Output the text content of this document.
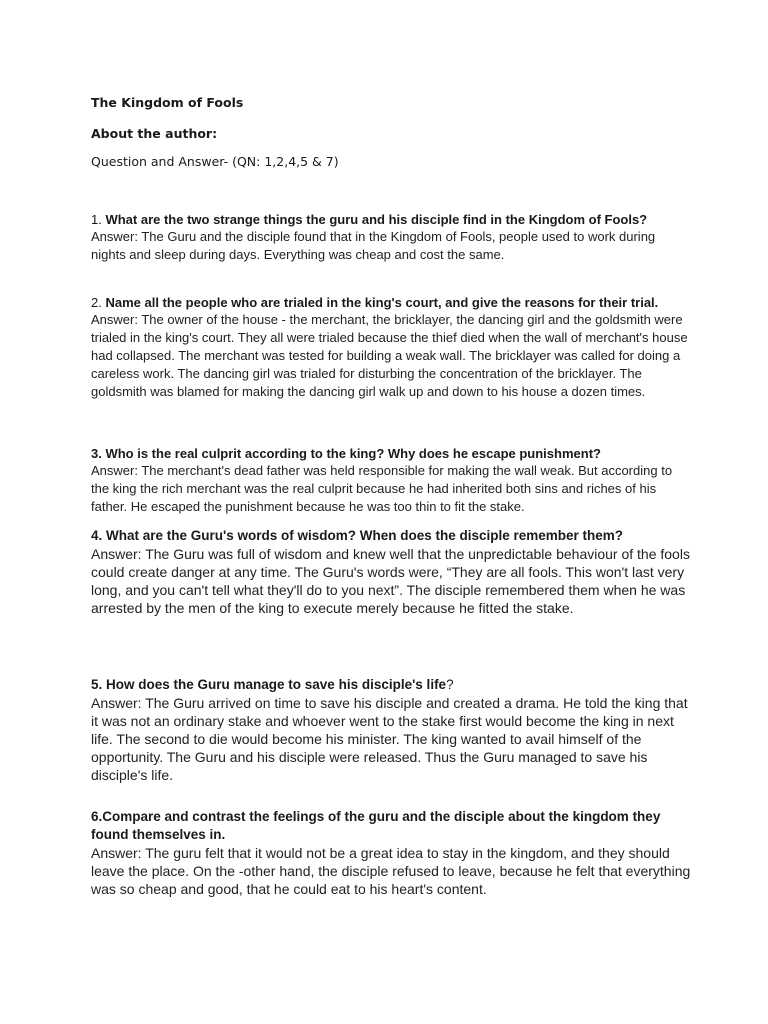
The Kingdom of Fools
About the author:
Question and Answer- (QN: 1,2,4,5 & 7)

1. What are the two strange things the guru and his disciple find in the Kingdom of Fools?

Answer: The Guru and the disciple found that in the Kingdom of Fools, people used to work during nights and sleep during days. Everything was cheap and cost the same.

2. Name all the people who are trialed in the king's court, and give the reasons for their trial.

Answer: The owner of the house - the merchant, the bricklayer, the dancing girl and the goldsmith were trialed in the king's court. They all were trialed because the thief died when the wall of merchant's house had collapsed. The merchant was tested for building a weak wall. The bricklayer was called for doing a careless work. The dancing girl was trialed for disturbing the concentration of the bricklayer. The goldsmith was blamed for making the dancing girl walk up and down to his house a dozen times.

3. Who is the real culprit according to the king? Why does he escape punishment?

Answer: The merchant's dead father was held responsible for making the wall weak. But according to the king the rich merchant was the real culprit because he had inherited both sins and riches of his father. He escaped the punishment because he was too thin to fit the stake.

4. What are the Guru's words of wisdom? When does the disciple remember them?

Answer: The Guru was full of wisdom and knew well that the unpredictable behaviour of the fools could create danger at any time. The Guru's words were, “They are all fools. This won't last very long, and you can't tell what they'll do to you next”. The disciple remembered them when he was arrested by the men of the king to execute merely because he fitted the stake.

5. How does the Guru manage to save his disciple's life?

Answer: The Guru arrived on time to save his disciple and created a drama. He told the king that it was not an ordinary stake and whoever went to the stake first would become the king in next life. The second to die would become his minister. The king wanted to avail himself of the opportunity. The Guru and his disciple were released. Thus the Guru managed to save his disciple's life.

6.Compare and contrast the feelings of the guru and the disciple about the kingdom they found themselves in.

Answer: The guru felt that it would not be a great idea to stay in the kingdom, and they should leave the place. On the -other hand, the disciple refused to leave, because he felt that everything was so cheap and good, that he could eat to his heart's content.
